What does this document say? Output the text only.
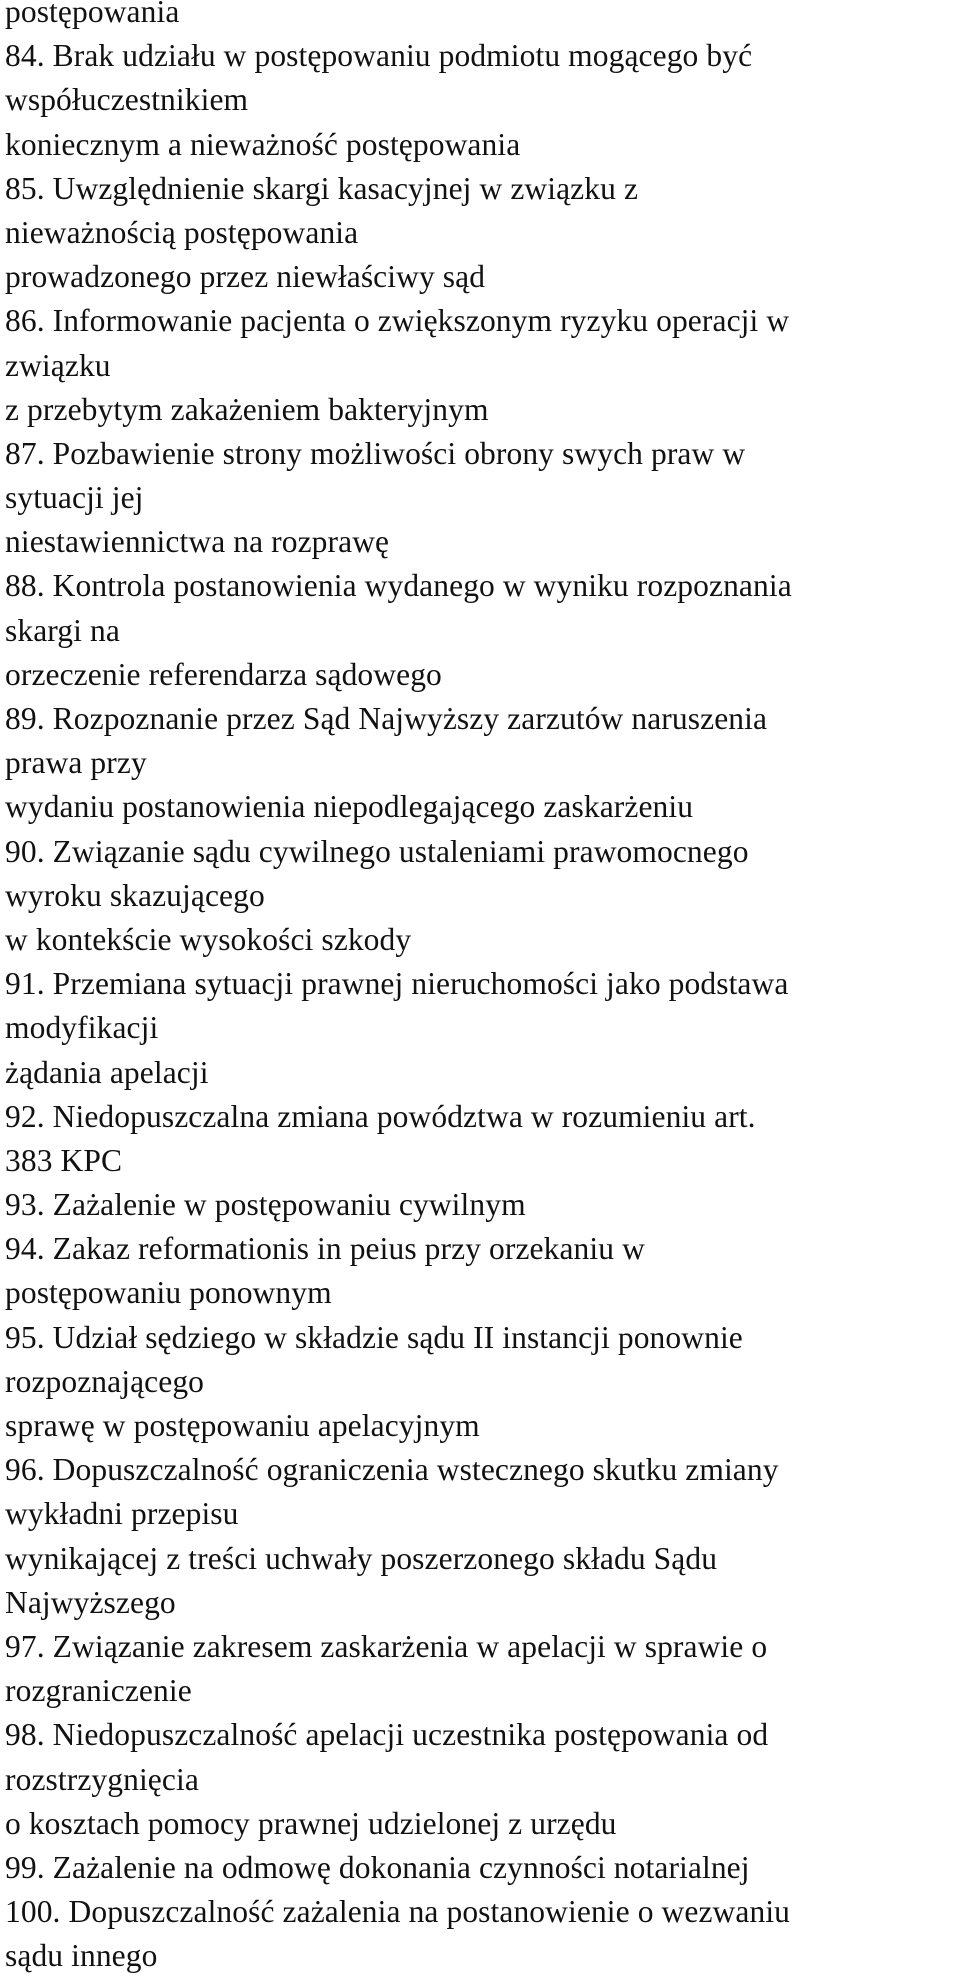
postępowania
84. Brak udziału w postępowaniu podmiotu mogącego być
współuczestnikiem
koniecznym a nieważność postępowania
85. Uwzględnienie skargi kasacyjnej w związku z
nieważnością postępowania
prowadzonego przez niewłaściwy sąd
86. Informowanie pacjenta o zwiększonym ryzyku operacji w
związku
z przebytym zakażeniem bakteryjnym
87. Pozbawienie strony możliwości obrony swych praw w
sytuacji jej
niestawiennictwa na rozprawę
88. Kontrola postanowienia wydanego w wyniku rozpoznania
skargi na
orzeczenie referendarza sądowego
89. Rozpoznanie przez Sąd Najwyższy zarzutów naruszenia
prawa przy
wydaniu postanowienia niepodlegającego zaskarżeniu
90. Związanie sądu cywilnego ustaleniami prawomocnego
wyroku skazującego
w kontekście wysokości szkody
91. Przemiana sytuacji prawnej nieruchomości jako podstawa
modyfikacji
żądania apelacji
92. Niedopuszczalna zmiana powództwa w rozumieniu art.
383 KPC
93. Zażalenie w postępowaniu cywilnym
94. Zakaz reformationis in peius przy orzekaniu w
postępowaniu ponownym
95. Udział sędziego w składzie sądu II instancji ponownie
rozpoznającego
sprawę w postępowaniu apelacyjnym
96. Dopuszczalność ograniczenia wstecznego skutku zmiany
wykładni przepisu
wynikającej z treści uchwały poszerzonego składu Sądu
Najwyższego
97. Związanie zakresem zaskarżenia w apelacji w sprawie o
rozgraniczenie
98. Niedopuszczalność apelacji uczestnika postępowania od
rozstrzygnięcia
o kosztach pomocy prawnej udzielonej z urzędu
99. Zażalenie na odmowę dokonania czynności notarialnej
100. Dopuszczalność zażalenia na postanowienie o wezwaniu
sądu innego
